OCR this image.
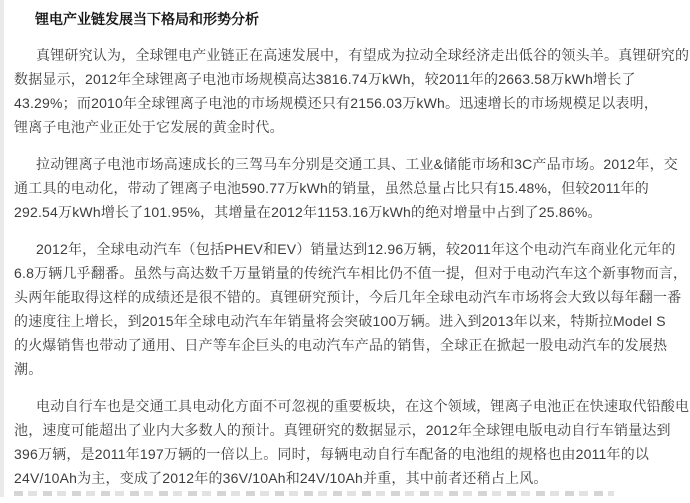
锂电产业链发展当下格局和形势分析
真锂研究认为，全球锂电产业链正在高速发展中，有望成为拉动全球经济走出低谷的领头羊。真锂研究的
数据显示，2012年全球锂离子电池市场规模高达3816.74万kWh，较2011年的2663.58万kWh增长了
43.29%；而2010年全球锂离子电池的市场规模还只有2156.03万kWh。迅速增长的市场规模足以表明，
锂离子电池产业正处于它发展的黄金时代。
拉动锂离子电池市场高速成长的三驾马车分别是交通工具、工业&储能市场和3C产品市场。2012年，交
通工具的电动化，带动了锂离子电池590.77万kWh的销量，虽然总量占比只有15.48%，但较2011年的
292.54万kWh增长了101.95%，其增量在2012年1153.16万kWh的绝对增量中占到了25.86%。
2012年，全球电动汽车（包括PHEV和EV）销量达到12.96万辆，较2011年这个电动汽车商业化元年的
6.8万辆几乎翻番。虽然与高达数千万量销量的传统汽车相比仍不值一提，但对于电动汽车这个新事物而言，
头两年能取得这样的成绩还是很不错的。真锂研究预计，今后几年全球电动汽车市场将会大致以每年翻一番
的速度往上增长，到2015年全球电动汽车年销量将会突破100万辆。进入到2013年以来，特斯拉Model S
的火爆销售也带动了通用、日产等车企巨头的电动汽车产品的销售，全球正在掀起一股电动汽车的发展热
潮。
电动自行车也是交通工具电动化方面不可忽视的重要板块，在这个领域，锂离子电池正在快速取代铅酸电
池，速度可能超出了业内大多数人的预计。真锂研究的数据显示，2012年全球锂电版电动自行车销量达到
396万辆，是2011年197万辆的一倍以上。同时，每辆电动自行车配备的电池组的规格也由2011年的以
24V/10Ah为主，变成了2012年的36V/10Ah和24V/10Ah并重，其中前者还稍占上风。
